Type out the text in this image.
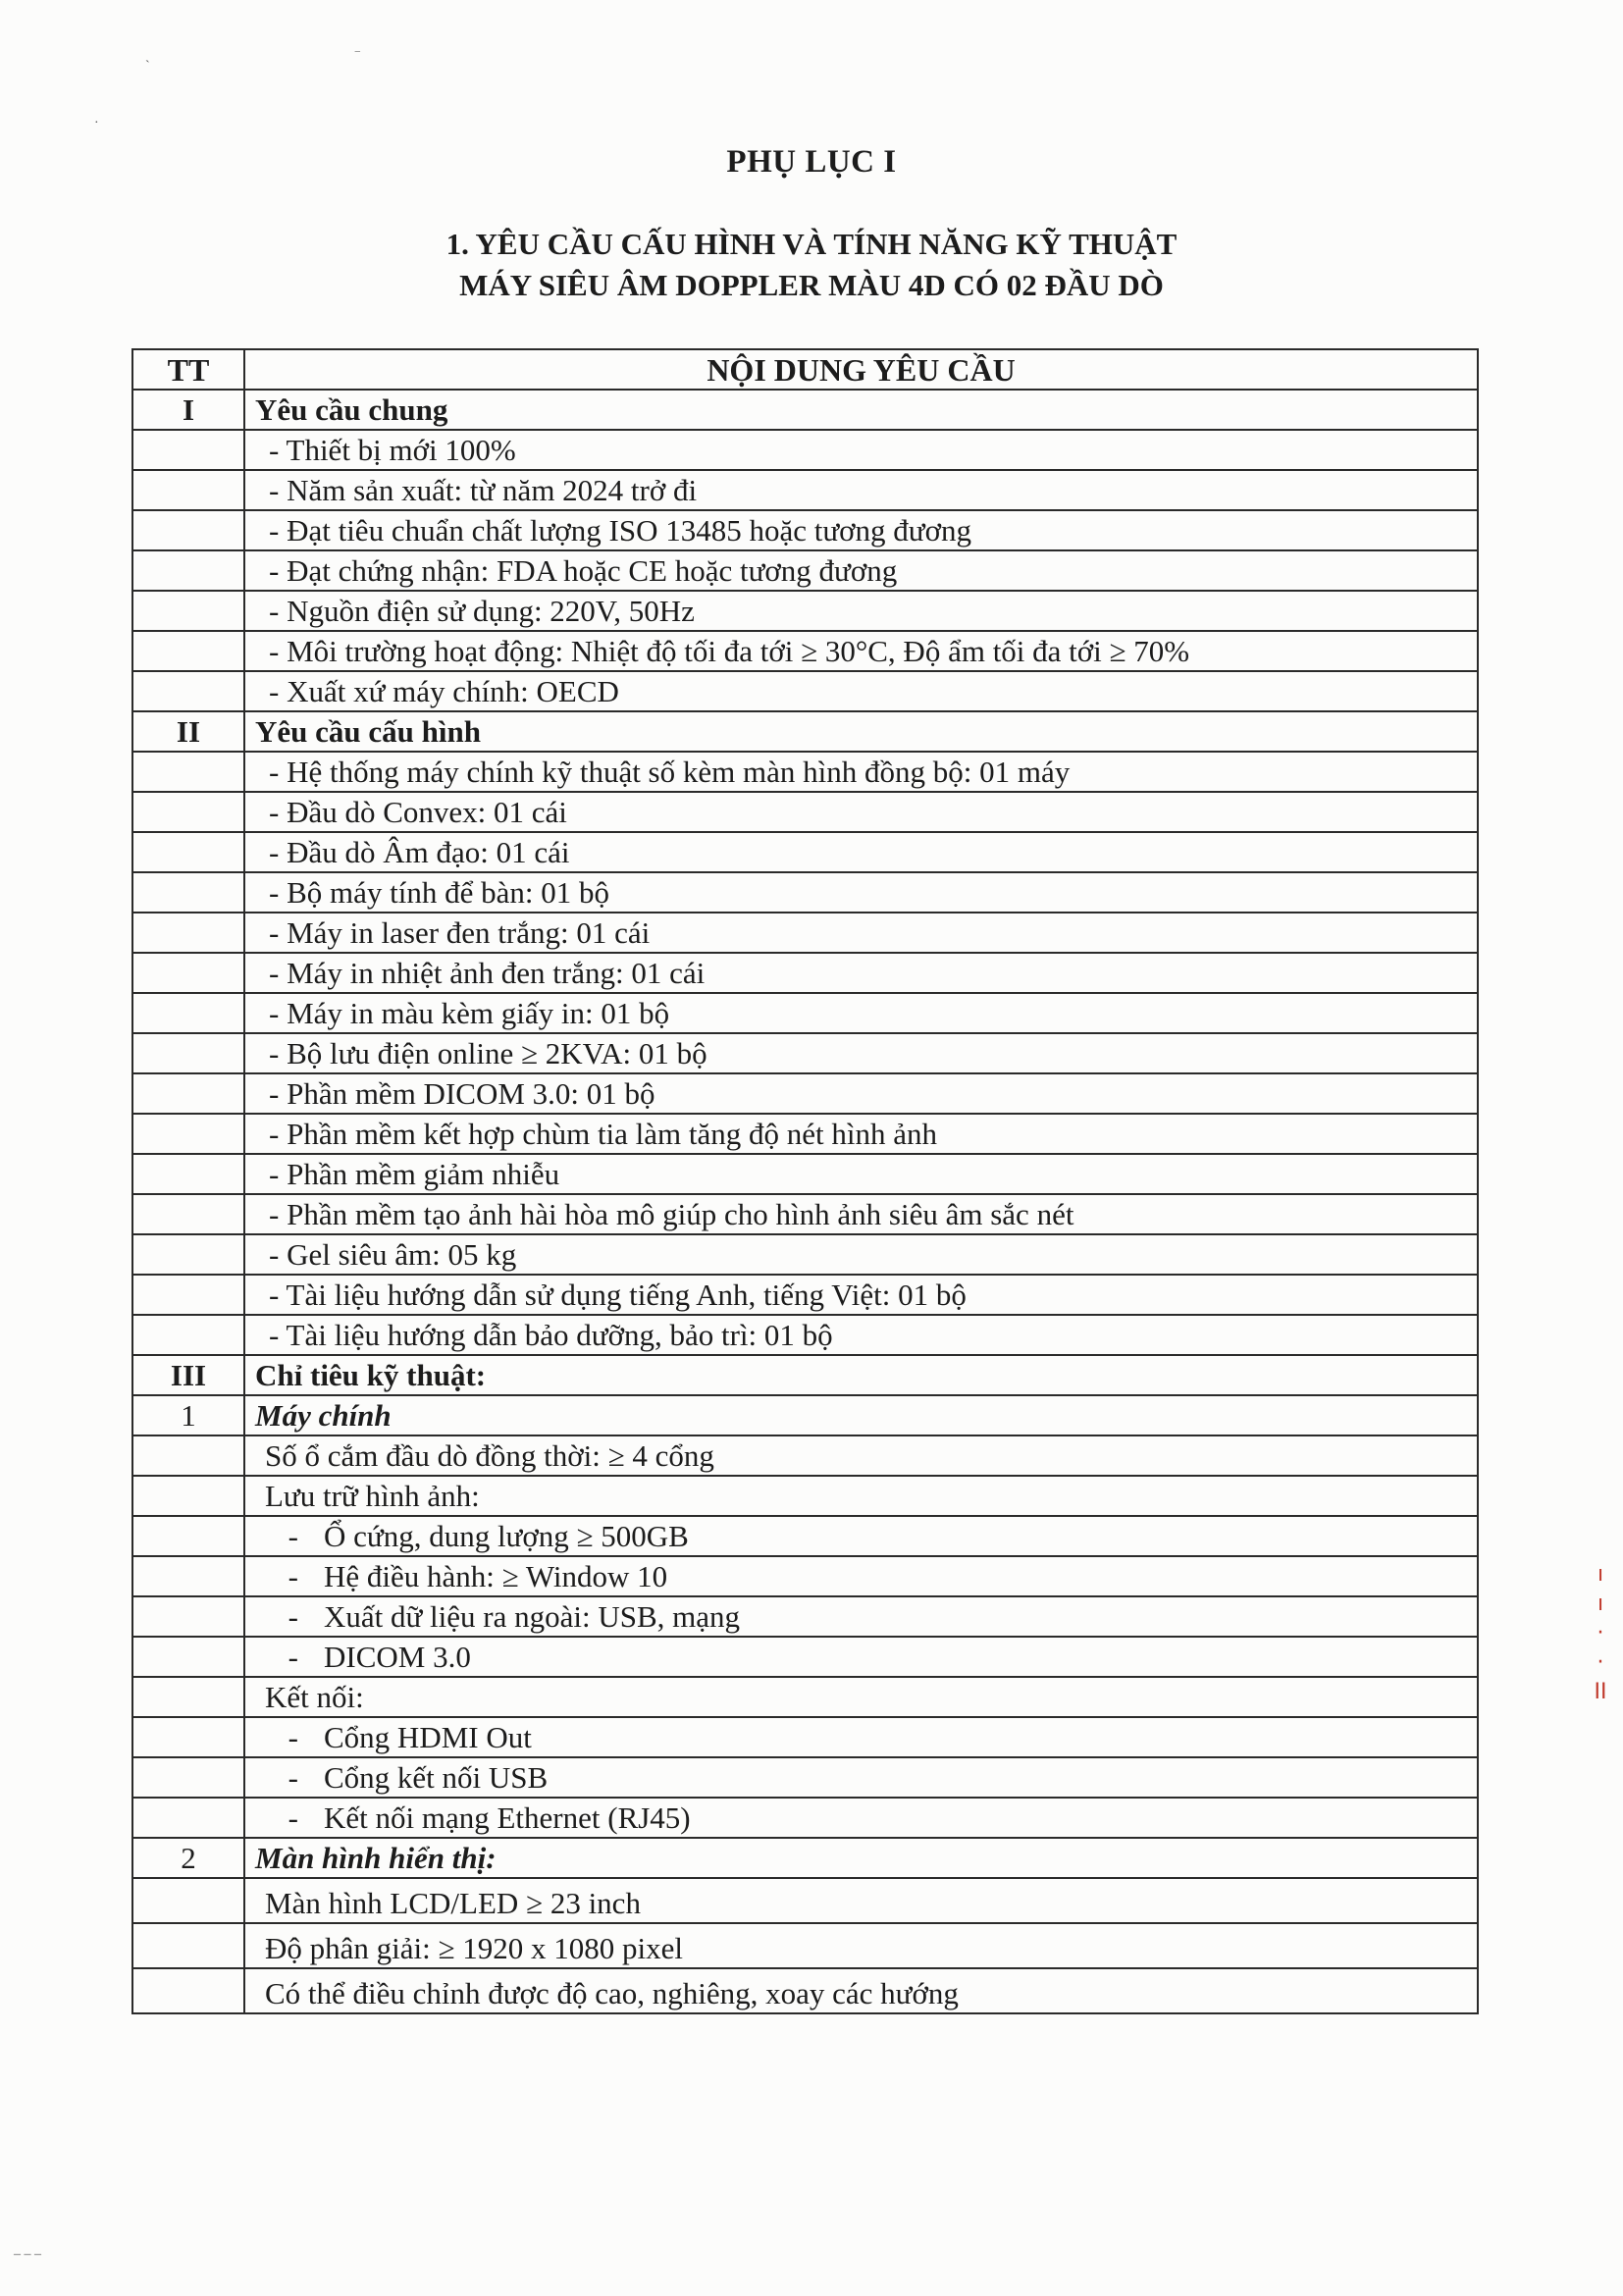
PHỤ LỤC I
1. YÊU CẦU CẤU HÌNH VÀ TÍNH NĂNG KỸ THUẬT
MÁY SIÊU ÂM DOPPLER MÀU 4D CÓ 02 ĐẦU DÒ
TT	NỘI DUNG YÊU CẦU
I	Yêu cầu chung
	- Thiết bị mới 100%
	- Năm sản xuất: từ năm 2024 trở đi
	- Đạt tiêu chuẩn chất lượng ISO 13485 hoặc tương đương
	- Đạt chứng nhận: FDA hoặc CE hoặc tương đương
	- Nguồn điện sử dụng: 220V, 50Hz
	- Môi trường hoạt động: Nhiệt độ tối đa tới ≥ 30°C, Độ ẩm tối đa tới ≥ 70%
	- Xuất xứ máy chính: OECD
II	Yêu cầu cấu hình
	- Hệ thống máy chính kỹ thuật số kèm màn hình đồng bộ: 01 máy
	- Đầu dò Convex: 01 cái
	- Đầu dò Âm đạo: 01 cái
	- Bộ máy tính để bàn: 01 bộ
	- Máy in laser đen trắng: 01 cái
	- Máy in nhiệt ảnh đen trắng: 01 cái
	- Máy in màu kèm giấy in: 01 bộ
	- Bộ lưu điện online ≥ 2KVA: 01 bộ
	- Phần mềm DICOM 3.0: 01 bộ
	- Phần mềm kết hợp chùm tia làm tăng độ nét hình ảnh
	- Phần mềm giảm nhiễu
	- Phần mềm tạo ảnh hài hòa mô giúp cho hình ảnh siêu âm sắc nét
	- Gel siêu âm: 05 kg
	- Tài liệu hướng dẫn sử dụng tiếng Anh, tiếng Việt: 01 bộ
	- Tài liệu hướng dẫn bảo dưỡng, bảo trì: 01 bộ
III	Chỉ tiêu kỹ thuật:
1	Máy chính
	Số ổ cắm đầu dò đồng thời: ≥ 4 cổng
	Lưu trữ hình ảnh:
	- Ổ cứng, dung lượng ≥ 500GB
	- Hệ điều hành: ≥ Window 10
	- Xuất dữ liệu ra ngoài: USB, mạng
	- DICOM 3.0
	Kết nối:
	- Cổng HDMI Out
	- Cổng kết nối USB
	- Kết nối mạng Ethernet (RJ45)
2	Màn hình hiển thị:
	Màn hình LCD/LED ≥ 23 inch
	Độ phân giải: ≥ 1920 x 1080 pixel
	Có thể điều chỉnh được độ cao, nghiêng, xoay các hướng
ˋ
‾
·
– – –
ı
ı
·
·
ⅠⅠ
